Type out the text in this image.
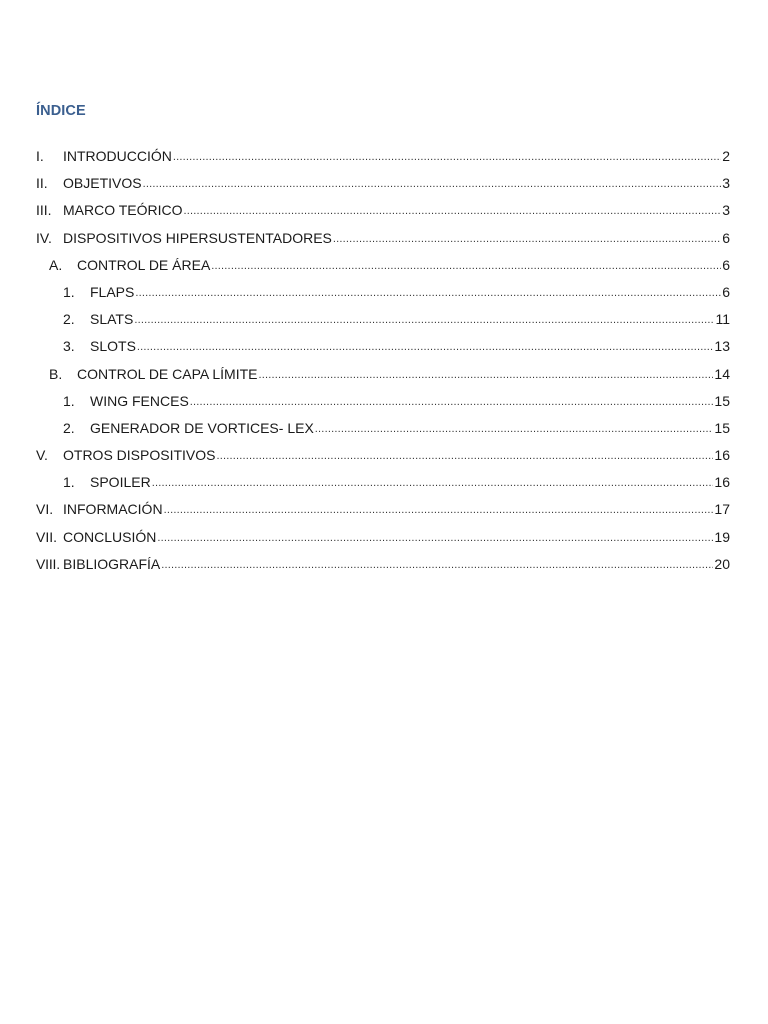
ÍNDICE
I.	INTRODUCCIÓN .....	2
II.	OBJETIVOS .....	3
III. MARCO TEÓRICO .....	3
IV. DISPOSITIVOS HIPERSUSTENTADORES .....	6
A.	CONTROL DE ÁREA .....	6
1.	FLAPS .....	6
2.	SLATS .....	11
3.	SLOTS .....	13
B.	CONTROL DE CAPA LÍMITE .....	14
1.	WING FENCES .....	15
2.	GENERADOR DE VORTICES- LEX .....	15
V.	OTROS DISPOSITIVOS .....	16
1.	SPOILER .....	16
VI. INFORMACIÓN .....	17
VII. CONCLUSIÓN .....	19
VIII. BIBLIOGRAFÍA .....	20
